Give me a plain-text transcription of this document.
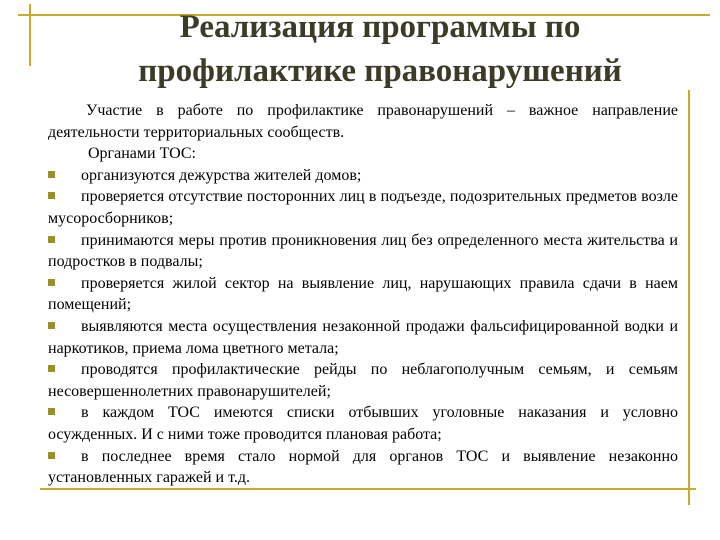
Реализация программы по
профилактике правонарушений

Участие в работе по профилактике правонарушений – важное направление деятельности территориальных сообществ.

Органами ТОС:

организуются дежурства жителей домов;

проверяется отсутствие посторонних лиц в подъезде, подозрительных предметов возле мусоросборников;

принимаются меры против проникновения лиц без определенного места жительства и подростков в подвалы;

проверяется жилой сектор на выявление лиц, нарушающих правила сдачи в наем помещений;

выявляются места осуществления незаконной продажи фальсифицированной водки и наркотиков, приема лома цветного метала;

проводятся профилактические рейды по неблагополучным семьям, и семьям несовершеннолетних правонарушителей;

в каждом ТОС имеются списки отбывших уголовные наказания и условно осужденных. И с ними тоже проводится плановая работа;

в последнее время стало нормой для органов ТОС и выявление незаконно установленных гаражей и т.д.
